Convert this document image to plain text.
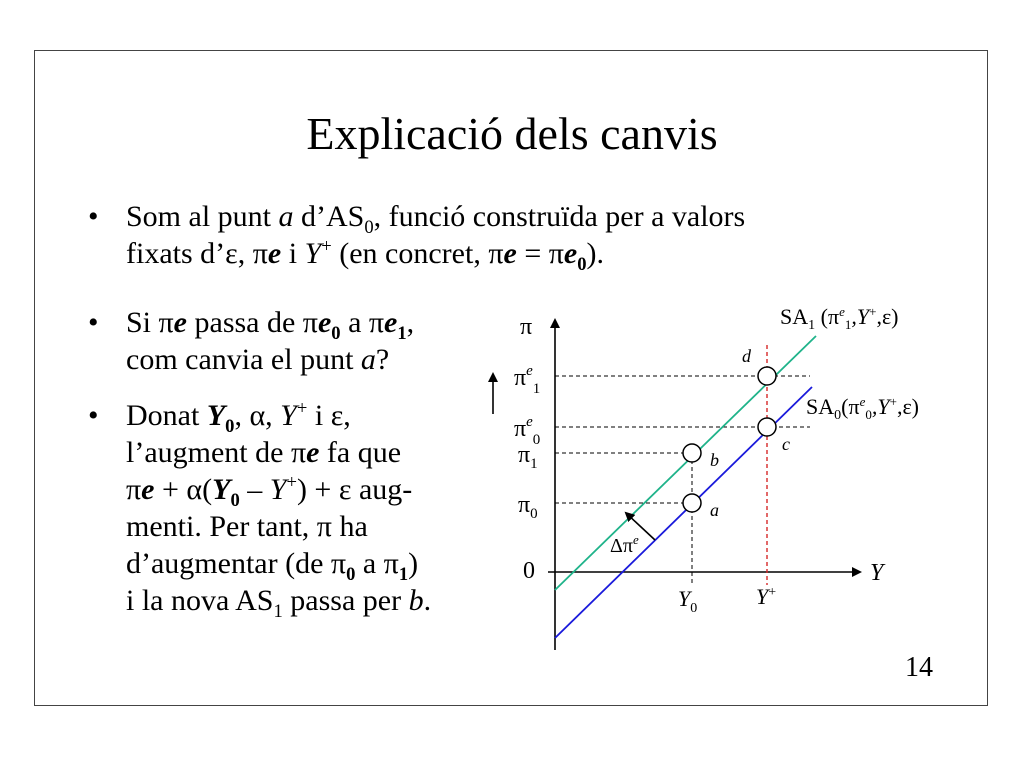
Explicació dels canvis
• Som al punt a $d’AS_0$, funció construïda per a valors
fixats d’ε, πe i Y+ (en concret, $\pi e = \pi e_0$).
• Si πe passa de $\pi e_0$ a $\pi e_1$,
com canvia el punt a?
• Donat $Y_0$, α, Y+ i ε,
l’augment de πe fa que
$\pi e + \alpha(Y_0 - Y^+) + \varepsilon$ aug-
menti. Per tant, π ha
d’augmentar (de $\pi_0$ a $\pi_1$)
i la nova $AS_1$ passa per b.
π
Y
0
$\pi^e_1$
$\pi^e_0$
$\pi_1$
$\pi_0$
$Y_0$	Y+
$SA_1$ $(\pi^e_1,Y^+,\varepsilon)$
$SA_0(\pi^e_0,Y^+,\varepsilon)$
d
c
b
a
$\Delta\pi^e$
14
